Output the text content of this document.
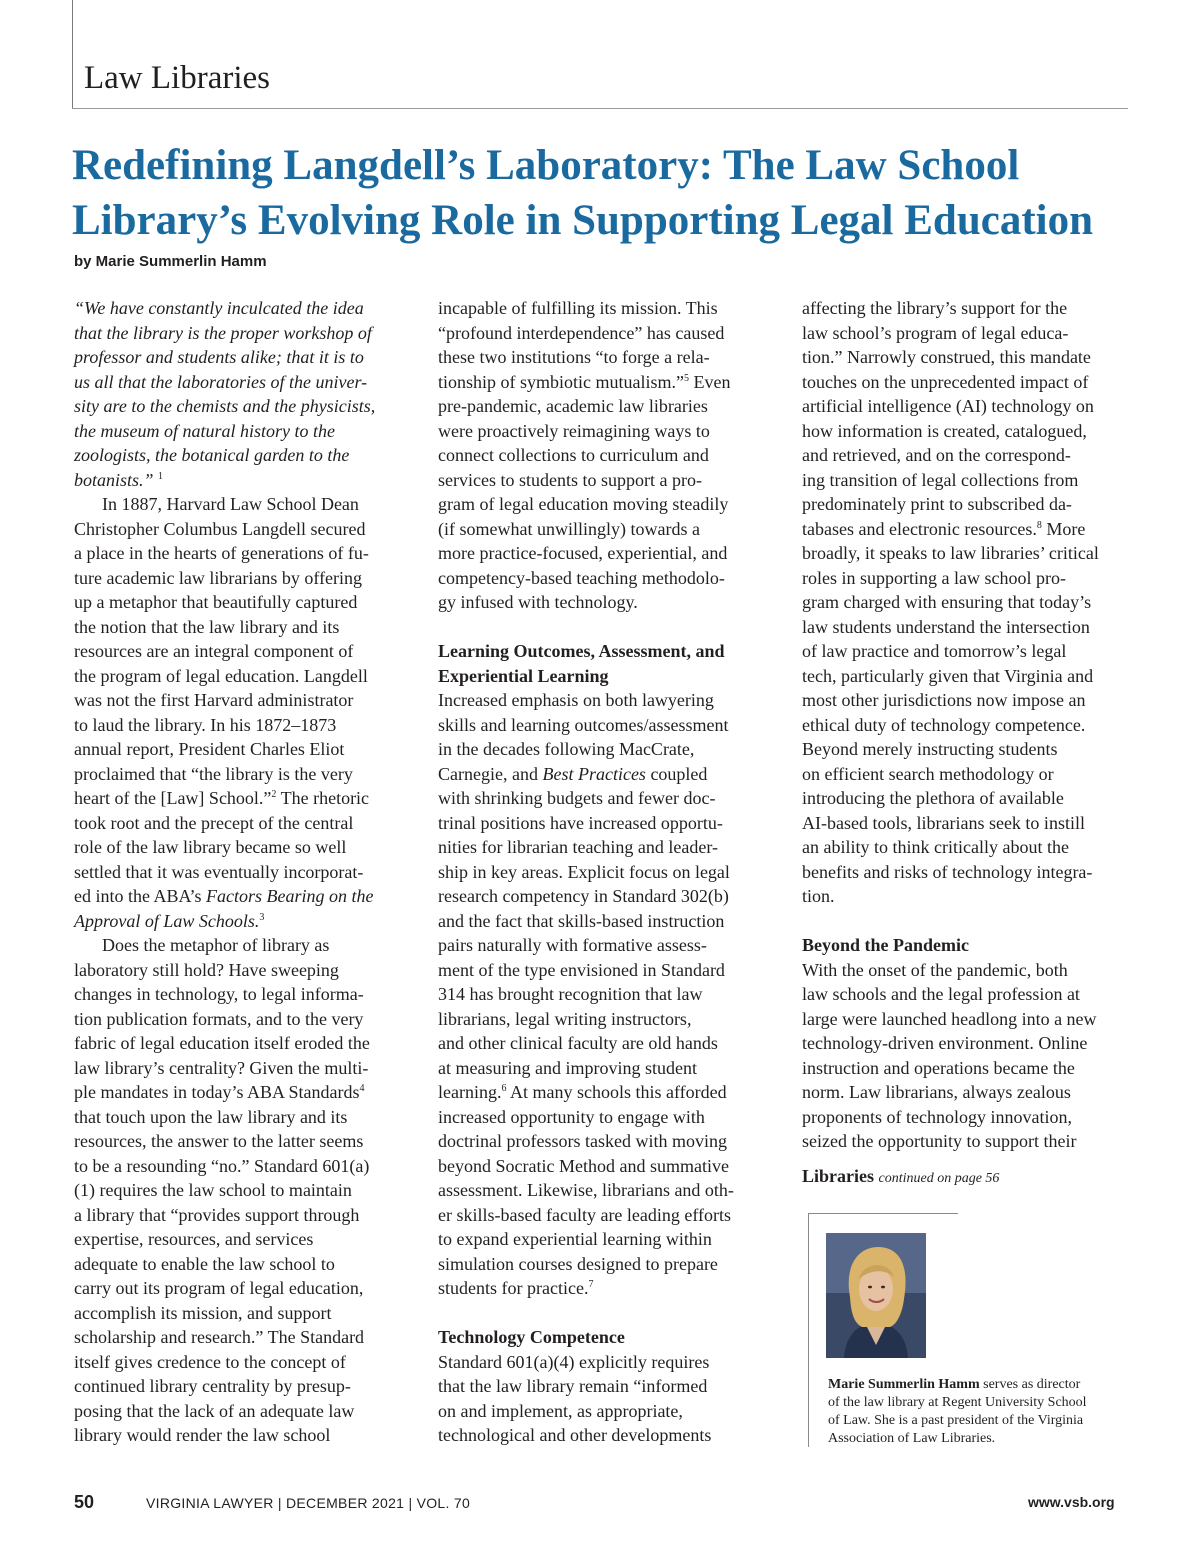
Law Libraries
Redefining Langdell’s Laboratory: The Law School
Library’s Evolving Role in Supporting Legal Education
by Marie Summerlin Hamm
“We have constantly inculcated the idea
that the library is the proper workshop of
professor and students alike; that it is to
us all that the laboratories of the univer-
sity are to the chemists and the physicists,
the museum of natural history to the
zoologists, the botanical garden to the
botanists.” $^1$
In 1887, Harvard Law School Dean
Christopher Columbus Langdell secured
a place in the hearts of generations of fu-
ture academic law librarians by offering
up a metaphor that beautifully captured
the notion that the law library and its
resources are an integral component of
the program of legal education. Langdell
was not the first Harvard administrator
to laud the library. In his 1872–1873
annual report, President Charles Eliot
proclaimed that “the library is the very
heart of the [Law] School.”$^2$ The rhetoric
took root and the precept of the central
role of the law library became so well
settled that it was eventually incorporat-
ed into the ABA’s Factors Bearing on the
Approval of Law Schools.$^3$
Does the metaphor of library as
laboratory still hold? Have sweeping
changes in technology, to legal informa-
tion publication formats, and to the very
fabric of legal education itself eroded the
law library’s centrality? Given the multi-
ple mandates in today’s ABA Standards$^4$
that touch upon the law library and its
resources, the answer to the latter seems
to be a resounding “no.” Standard 601(a)
(1) requires the law school to maintain
a library that “provides support through
expertise, resources, and services
adequate to enable the law school to
carry out its program of legal education,
accomplish its mission, and support
scholarship and research.” The Standard
itself gives credence to the concept of
continued library centrality by presup-
posing that the lack of an adequate law
library would render the law school
incapable of fulfilling its mission. This
“profound interdependence” has caused
these two institutions “to forge a rela-
tionship of symbiotic mutualism.”$^5$ Even
pre-pandemic, academic law libraries
were proactively reimagining ways to
connect collections to curriculum and
services to students to support a pro-
gram of legal education moving steadily
(if somewhat unwillingly) towards a
more practice-focused, experiential, and
competency-based teaching methodolo-
gy infused with technology.
Learning Outcomes, Assessment, and
Experiential Learning
Increased emphasis on both lawyering
skills and learning outcomes/assessment
in the decades following MacCrate,
Carnegie, and Best Practices coupled
with shrinking budgets and fewer doc-
trinal positions have increased opportu-
nities for librarian teaching and leader-
ship in key areas. Explicit focus on legal
research competency in Standard 302(b)
and the fact that skills-based instruction
pairs naturally with formative assess-
ment of the type envisioned in Standard
314 has brought recognition that law
librarians, legal writing instructors,
and other clinical faculty are old hands
at measuring and improving student
learning.$^6$ At many schools this afforded
increased opportunity to engage with
doctrinal professors tasked with moving
beyond Socratic Method and summative
assessment. Likewise, librarians and oth-
er skills-based faculty are leading efforts
to expand experiential learning within
simulation courses designed to prepare
students for practice.$^7$
Technology Competence
Standard 601(a)(4) explicitly requires
that the law library remain “informed
on and implement, as appropriate,
technological and other developments
affecting the library’s support for the
law school’s program of legal educa-
tion.” Narrowly construed, this mandate
touches on the unprecedented impact of
artificial intelligence (AI) technology on
how information is created, catalogued,
and retrieved, and on the correspond-
ing transition of legal collections from
predominately print to subscribed da-
tabases and electronic resources.$^8$ More
broadly, it speaks to law libraries’ critical
roles in supporting a law school pro-
gram charged with ensuring that today’s
law students understand the intersection
of law practice and tomorrow’s legal
tech, particularly given that Virginia and
most other jurisdictions now impose an
ethical duty of technology competence.
Beyond merely instructing students
on efficient search methodology or
introducing the plethora of available
AI-based tools, librarians seek to instill
an ability to think critically about the
benefits and risks of technology integra-
tion.
Beyond the Pandemic
With the onset of the pandemic, both
law schools and the legal profession at
large were launched headlong into a new
technology-driven environment. Online
instruction and operations became the
norm. Law librarians, always zealous
proponents of technology innovation,
seized the opportunity to support their
Libraries continued on page 56
Marie Summerlin Hamm serves as director
of the law library at Regent University School
of Law. She is a past president of the Virginia
Association of Law Libraries.
50	VIRGINIA LAWYER | DECEMBER 2021 | VOL. 70	www.vsb.org
